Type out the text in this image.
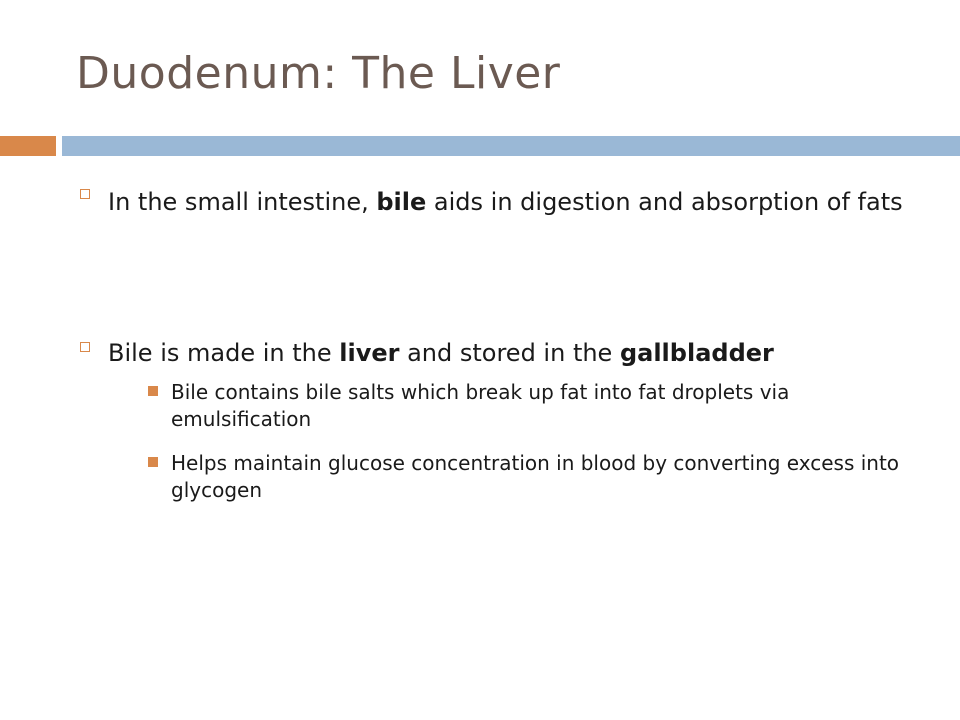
Duodenum: The Liver
In the small intestine, bile aids in digestion and absorption of fats
Bile is made in the liver and stored in the gallbladder
Bile contains bile salts which break up fat into fat droplets via emulsification
Helps maintain glucose concentration in blood by converting excess into glycogen
